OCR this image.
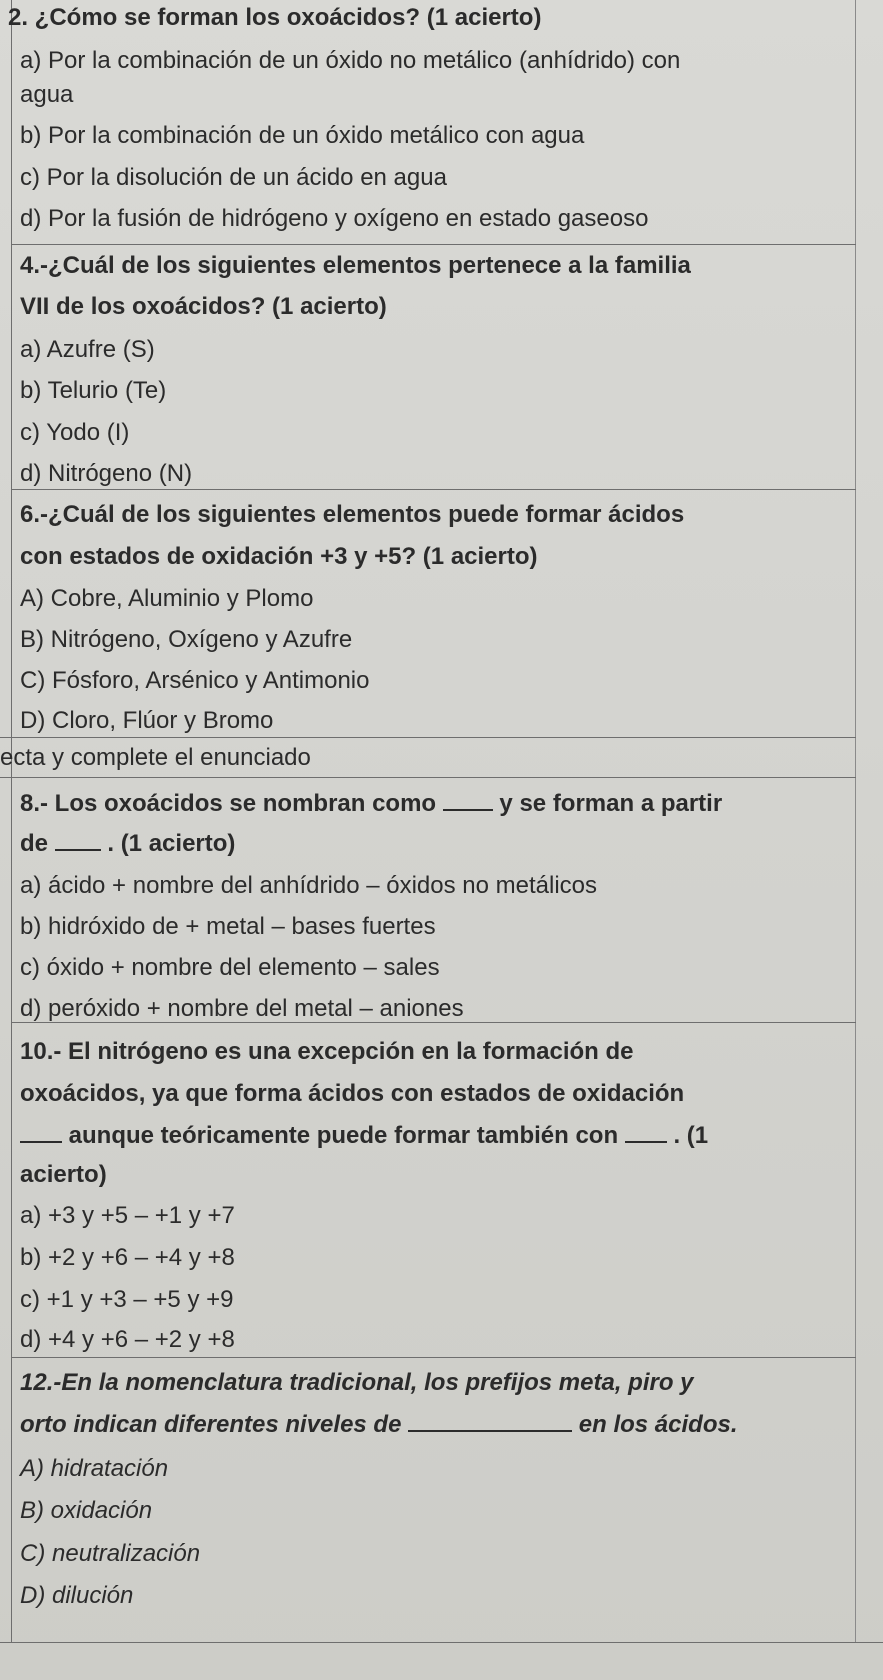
2. ¿Cómo se forman los oxoácidos? (1 acierto)
a) Por la combinación de un óxido no metálico (anhídrido) con
agua
b) Por la combinación de un óxido metálico con agua
c) Por la disolución de un ácido en agua
d) Por la fusión de hidrógeno y oxígeno en estado gaseoso
4.-¿Cuál de los siguientes elementos pertenece a la familia
VII de los oxoácidos? (1 acierto)
a) Azufre (S)
b) Telurio (Te)
c) Yodo (I)
d) Nitrógeno (N)
6.-¿Cuál de los siguientes elementos puede formar ácidos
con estados de oxidación +3 y +5? (1 acierto)
A) Cobre, Aluminio y Plomo
B) Nitrógeno, Oxígeno y Azufre
C) Fósforo, Arsénico y Antimonio
D) Cloro, Flúor y Bromo
ecta y complete el enunciado
8.- Los oxoácidos se nombran como  y se forman a partir
de  . (1 acierto)
a) ácido + nombre del anhídrido – óxidos no metálicos
b) hidróxido de + metal – bases fuertes
c) óxido + nombre del elemento – sales
d) peróxido + nombre del metal – aniones
10.- El nitrógeno es una excepción en la formación de
oxoácidos, ya que forma ácidos con estados de oxidación
aunque teóricamente puede formar también con  . (1
acierto)
a) +3 y +5 – +1 y +7
b) +2 y +6 – +4 y +8
c) +1 y +3 – +5 y +9
d) +4 y +6 – +2 y +8
12.-En la nomenclatura tradicional, los prefijos meta, piro y
orto indican diferentes niveles de	en los ácidos.
A) hidratación
B) oxidación
C) neutralización
D) dilución
